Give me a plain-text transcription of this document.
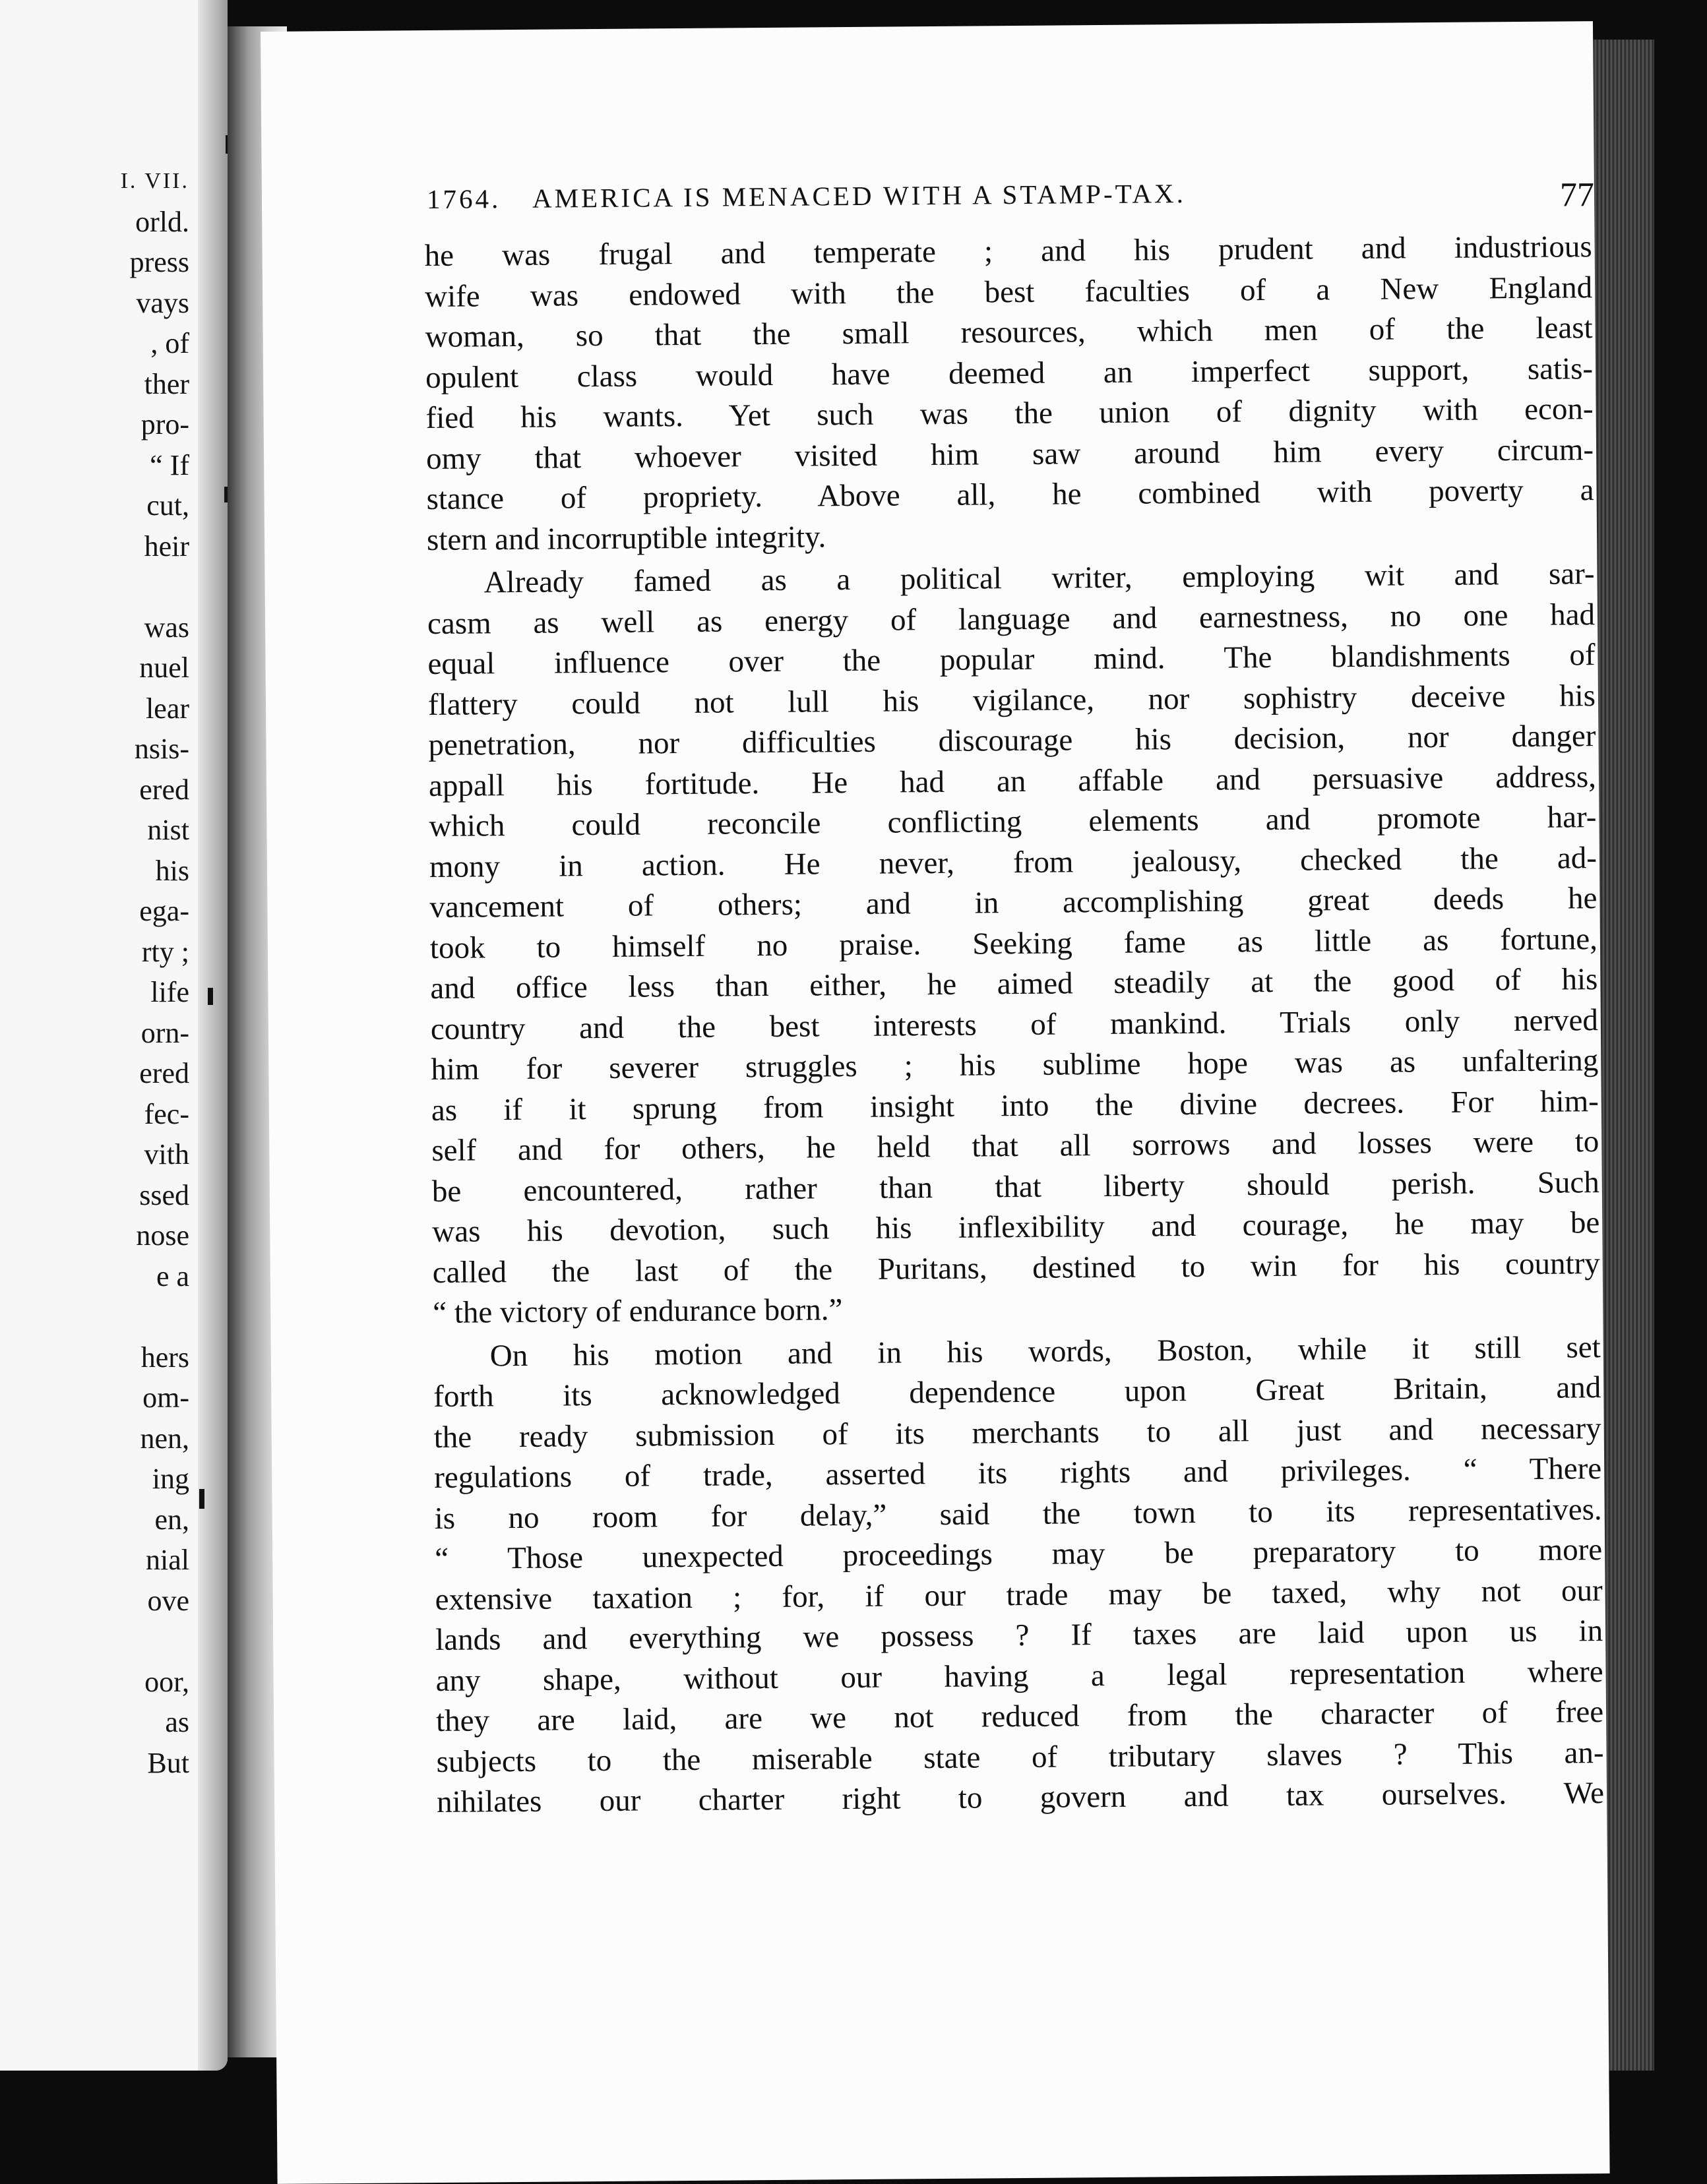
I. VII.
orld.
press
vays
, of
ther
pro-
“ If
cut,
heir
was
nuel
lear
nsis-
ered
nist
his
ega-
rty ;
life
orn-
ered
fec-
vith
ssed
nose
e a
hers
om-
nen,
ing
en,
nial
ove
oor,
as
But
1764. AMERICA IS MENACED WITH A STAMP-TAX.	77
he was frugal and temperate ; and his prudent and industrious
wife was endowed with the best faculties of a New England
woman, so that the small resources, which men of the least
opulent class would have deemed an imperfect support, satis-
fied his wants. Yet such was the union of dignity with econ-
omy that whoever visited him saw around him every circum-
stance of propriety. Above all, he combined with poverty a
stern and incorruptible integrity.
Already famed as a political writer, employing wit and sar-
casm as well as energy of language and earnestness, no one had
equal influence over the popular mind. The blandishments of
flattery could not lull his vigilance, nor sophistry deceive his
penetration, nor difficulties discourage his decision, nor danger
appall his fortitude. He had an affable and persuasive address,
which could reconcile conflicting elements and promote har-
mony in action. He never, from jealousy, checked the ad-
vancement of others; and in accomplishing great deeds he
took to himself no praise. Seeking fame as little as fortune,
and office less than either, he aimed steadily at the good of his
country and the best interests of mankind. Trials only nerved
him for severer struggles ; his sublime hope was as unfaltering
as if it sprung from insight into the divine decrees. For him-
self and for others, he held that all sorrows and losses were to
be encountered, rather than that liberty should perish. Such
was his devotion, such his inflexibility and courage, he may be
called the last of the Puritans, destined to win for his country
“ the victory of endurance born.”
On his motion and in his words, Boston, while it still set
forth its acknowledged dependence upon Great Britain, and
the ready submission of its merchants to all just and necessary
regulations of trade, asserted its rights and privileges. “ There
is no room for delay,” said the town to its representatives.
“ Those unexpected proceedings may be preparatory to more
extensive taxation ; for, if our trade may be taxed, why not our
lands and everything we possess ? If taxes are laid upon us in
any shape, without our having a legal representation where
they are laid, are we not reduced from the character of free
subjects to the miserable state of tributary slaves ? This an-
nihilates our charter right to govern and tax ourselves. We
